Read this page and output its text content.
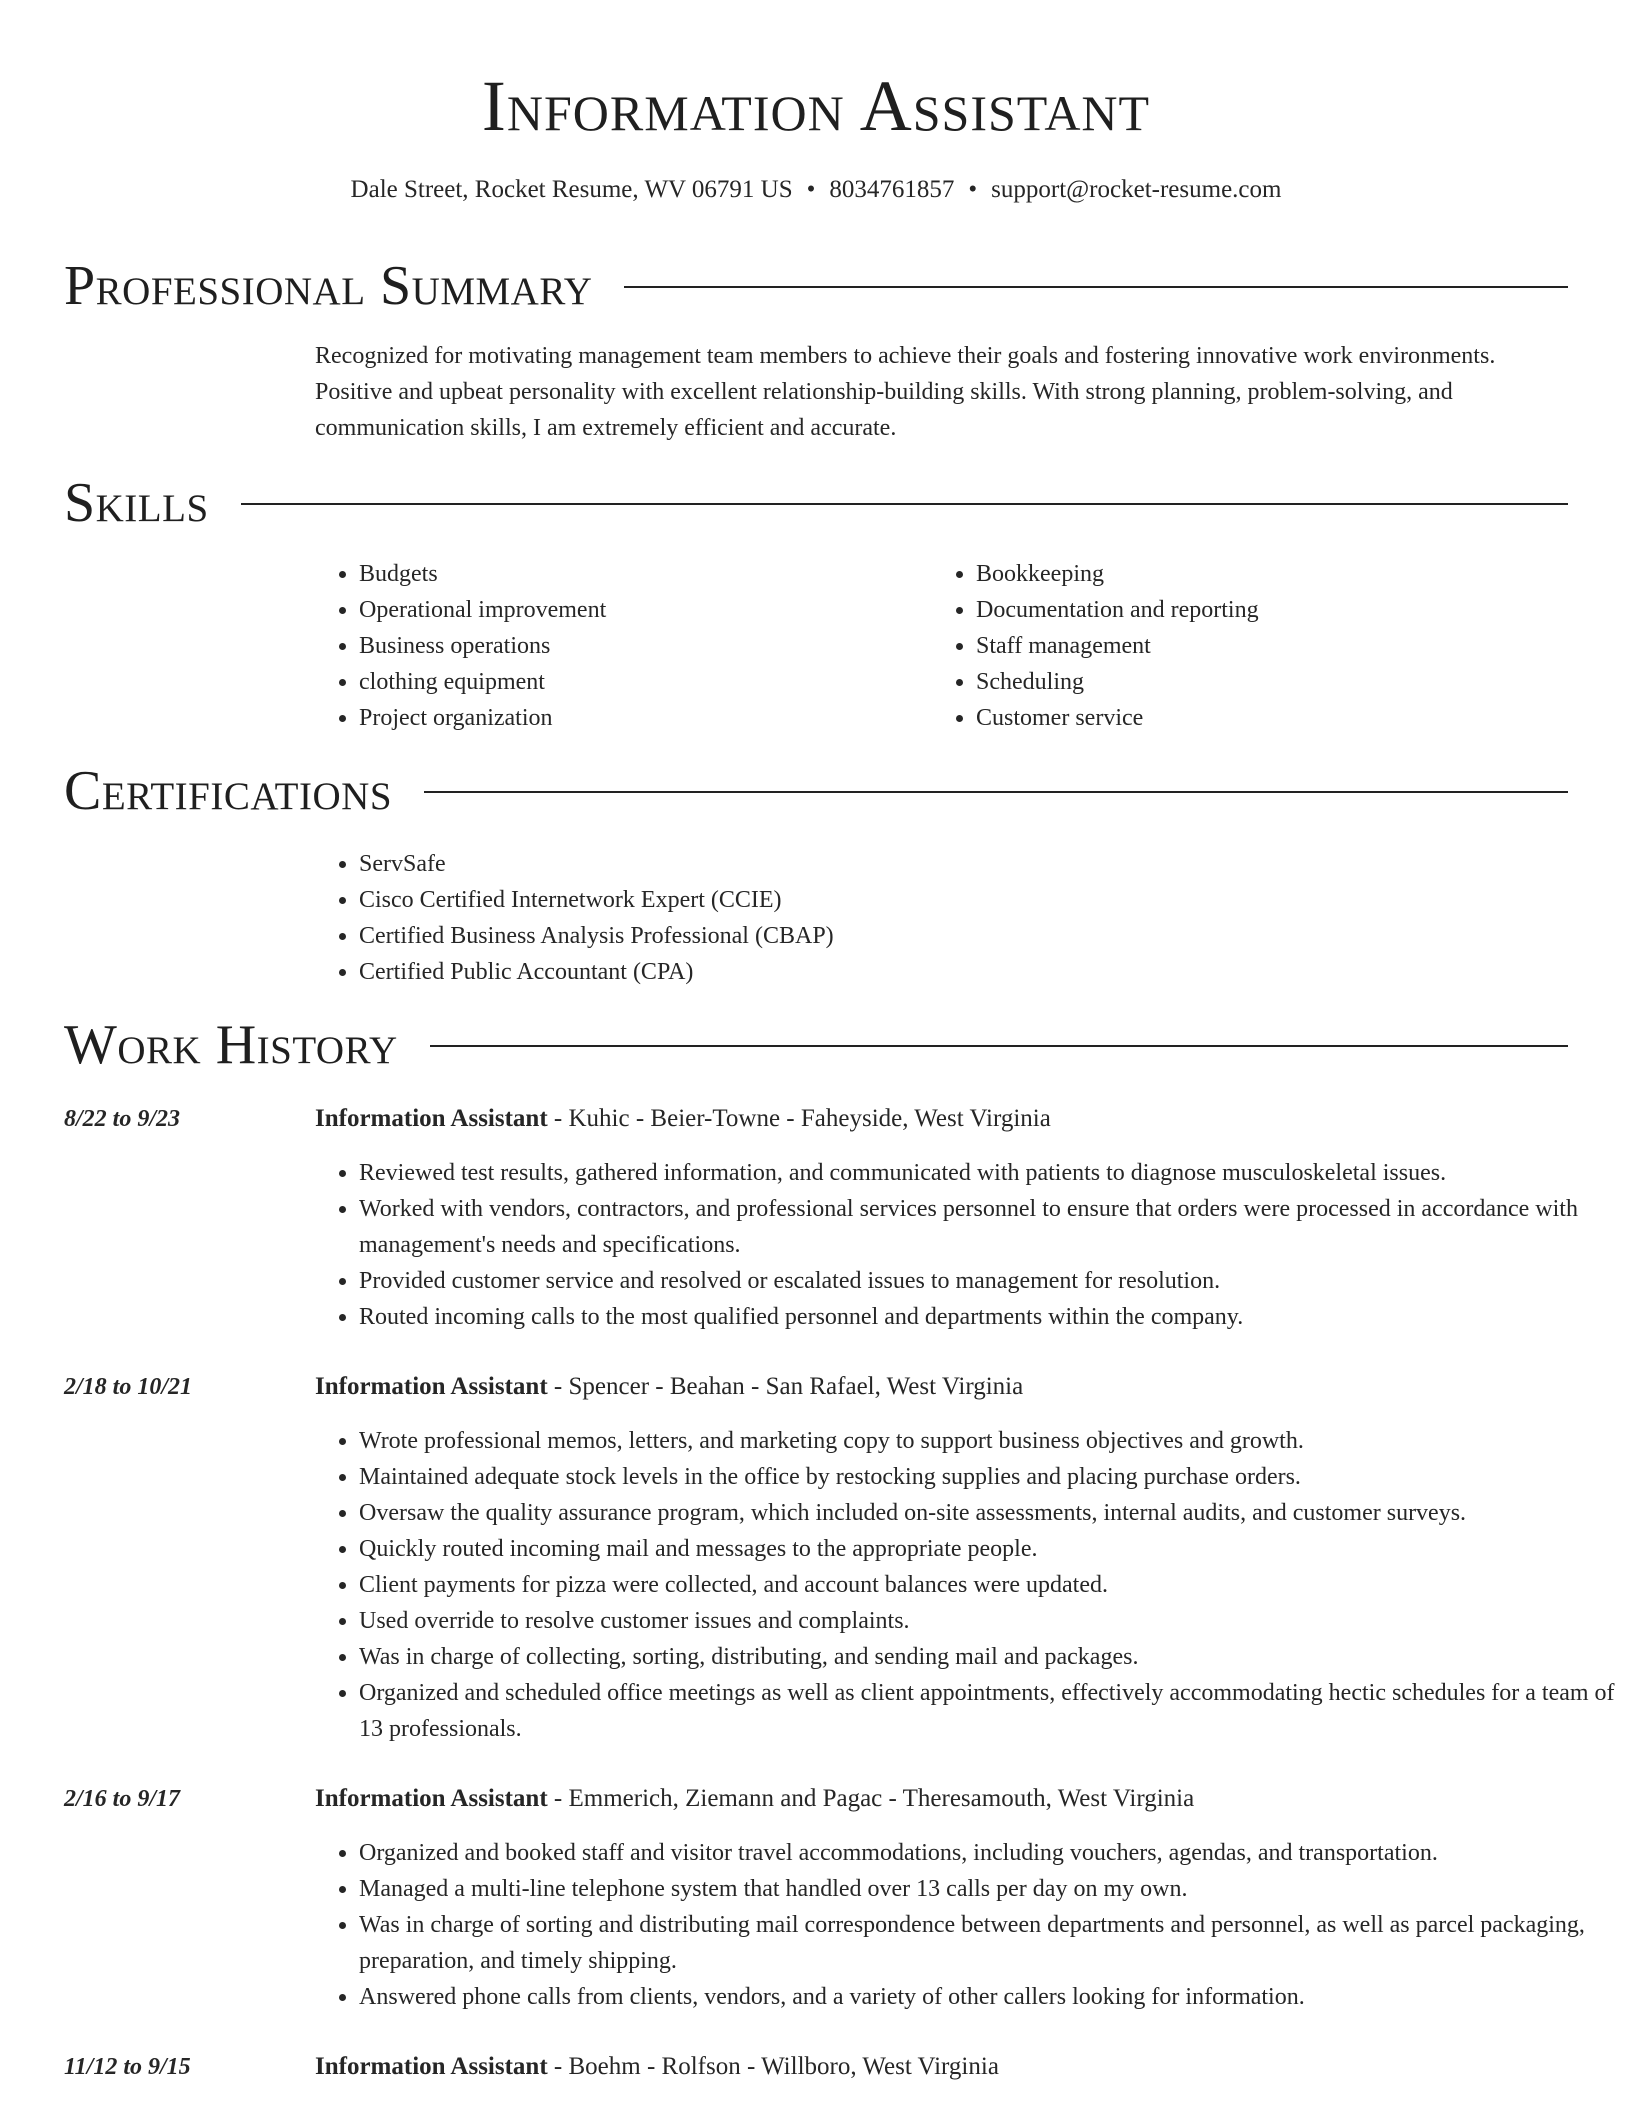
Information Assistant
Dale Street, Rocket Resume, WV 06791 US • 8034761857 • support@rocket-resume.com
Professional Summary

Recognized for motivating management team members to achieve their goals and fostering innovative work environments. Positive and upbeat personality with excellent relationship-building skills. With strong planning, problem-solving, and communication skills, I am extremely efficient and accurate.

Skills
• Budgets
• Operational improvement
• Business operations
• clothing equipment
• Project organization
• Bookkeeping
• Documentation and reporting
• Staff management
• Scheduling
• Customer service
Certifications
• ServSafe
• Cisco Certified Internetwork Expert (CCIE)
• Certified Business Analysis Professional (CBAP)
• Certified Public Accountant (CPA)
Work History
8/22 to 9/23	Information Assistant - Kuhic - Beier-Towne - Faheyside, West Virginia
• Reviewed test results, gathered information, and communicated with patients to diagnose musculoskeletal issues.
• Worked with vendors, contractors, and professional services personnel to ensure that orders were processed in accordance with management's needs and specifications.
• Provided customer service and resolved or escalated issues to management for resolution.
• Routed incoming calls to the most qualified personnel and departments within the company.
2/18 to 10/21	Information Assistant - Spencer - Beahan - San Rafael, West Virginia
• Wrote professional memos, letters, and marketing copy to support business objectives and growth.
• Maintained adequate stock levels in the office by restocking supplies and placing purchase orders.
• Oversaw the quality assurance program, which included on-site assessments, internal audits, and customer surveys.
• Quickly routed incoming mail and messages to the appropriate people.
• Client payments for pizza were collected, and account balances were updated.
• Used override to resolve customer issues and complaints.
• Was in charge of collecting, sorting, distributing, and sending mail and packages.
• Organized and scheduled office meetings as well as client appointments, effectively accommodating hectic schedules for a team of 13 professionals.
2/16 to 9/17	Information Assistant - Emmerich, Ziemann and Pagac - Theresamouth, West Virginia
• Organized and booked staff and visitor travel accommodations, including vouchers, agendas, and transportation.
• Managed a multi-line telephone system that handled over 13 calls per day on my own.
• Was in charge of sorting and distributing mail correspondence between departments and personnel, as well as parcel packaging, preparation, and timely shipping.
• Answered phone calls from clients, vendors, and a variety of other callers looking for information.
11/12 to 9/15	Information Assistant - Boehm - Rolfson - Willboro, West Virginia
